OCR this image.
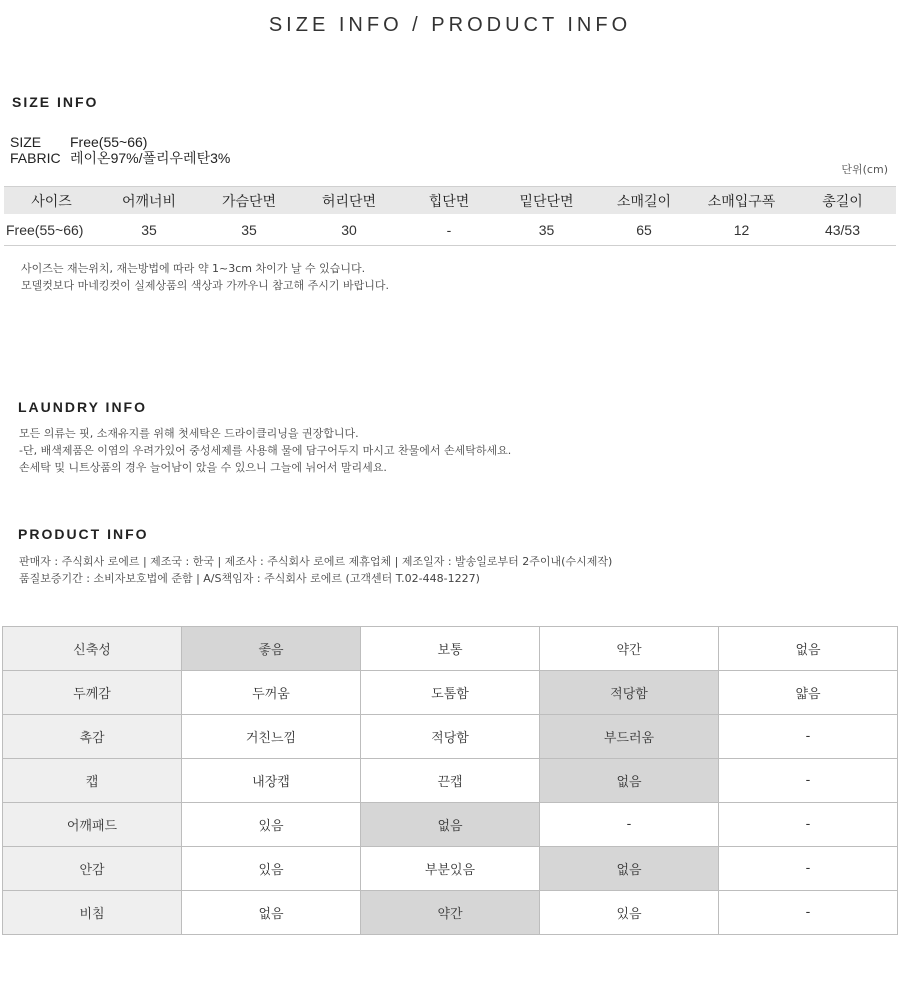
SIZE INFO / PRODUCT INFO
SIZE INFO
SIZE Free(55~66)
FABRIC 레이온97%/폴리우레탄3%
단위(cm)
사이즈	어깨너비	가슴단면	허리단면	힙단면	밑단단면	소매길이	소매입구폭	총길이
Free(55~66)	35	35	30	-	35	65	12	43/53
사이즈는 재는위치, 재는방법에 따라 약 1~3cm 차이가 날 수 있습니다.
모델컷보다 마네킹컷이 실제상품의 색상과 가까우니 참고해 주시기 바랍니다.
LAUNDRY INFO
모든 의류는 핏, 소재유지를 위해 첫세탁은 드라이클리닝을 권장합니다.
-단, 배색제품은 이염의 우려가있어 중성세제를 사용해 물에 담구어두지 마시고 찬물에서 손세탁하세요.
손세탁 및 니트상품의 경우 늘어남이 았을 수 있으니 그늘에 뉘어서 말리세요.
PRODUCT INFO
판매자 : 주식회사 로에르 | 제조국 : 한국 | 제조사 : 주식회사 로에르 제휴업체 | 제조일자 : 발송일로부터 2주이내(수시제작)
품질보증기간 : 소비자보호법에 준함 | A/S책임자 : 주식회사 로에르 (고객센터 T.02-448-1227)
신축성	좋음	보통	약간	없음
두께감	두꺼움	도톰함	적당함	얇음
촉감	거친느낌	적당함	부드러움	-
캡	내장캡	끈캡	없음	-
어깨패드	있음	없음	-	-
안감	있음	부분있음	없음	-
비침	없음	약간	있음	-
